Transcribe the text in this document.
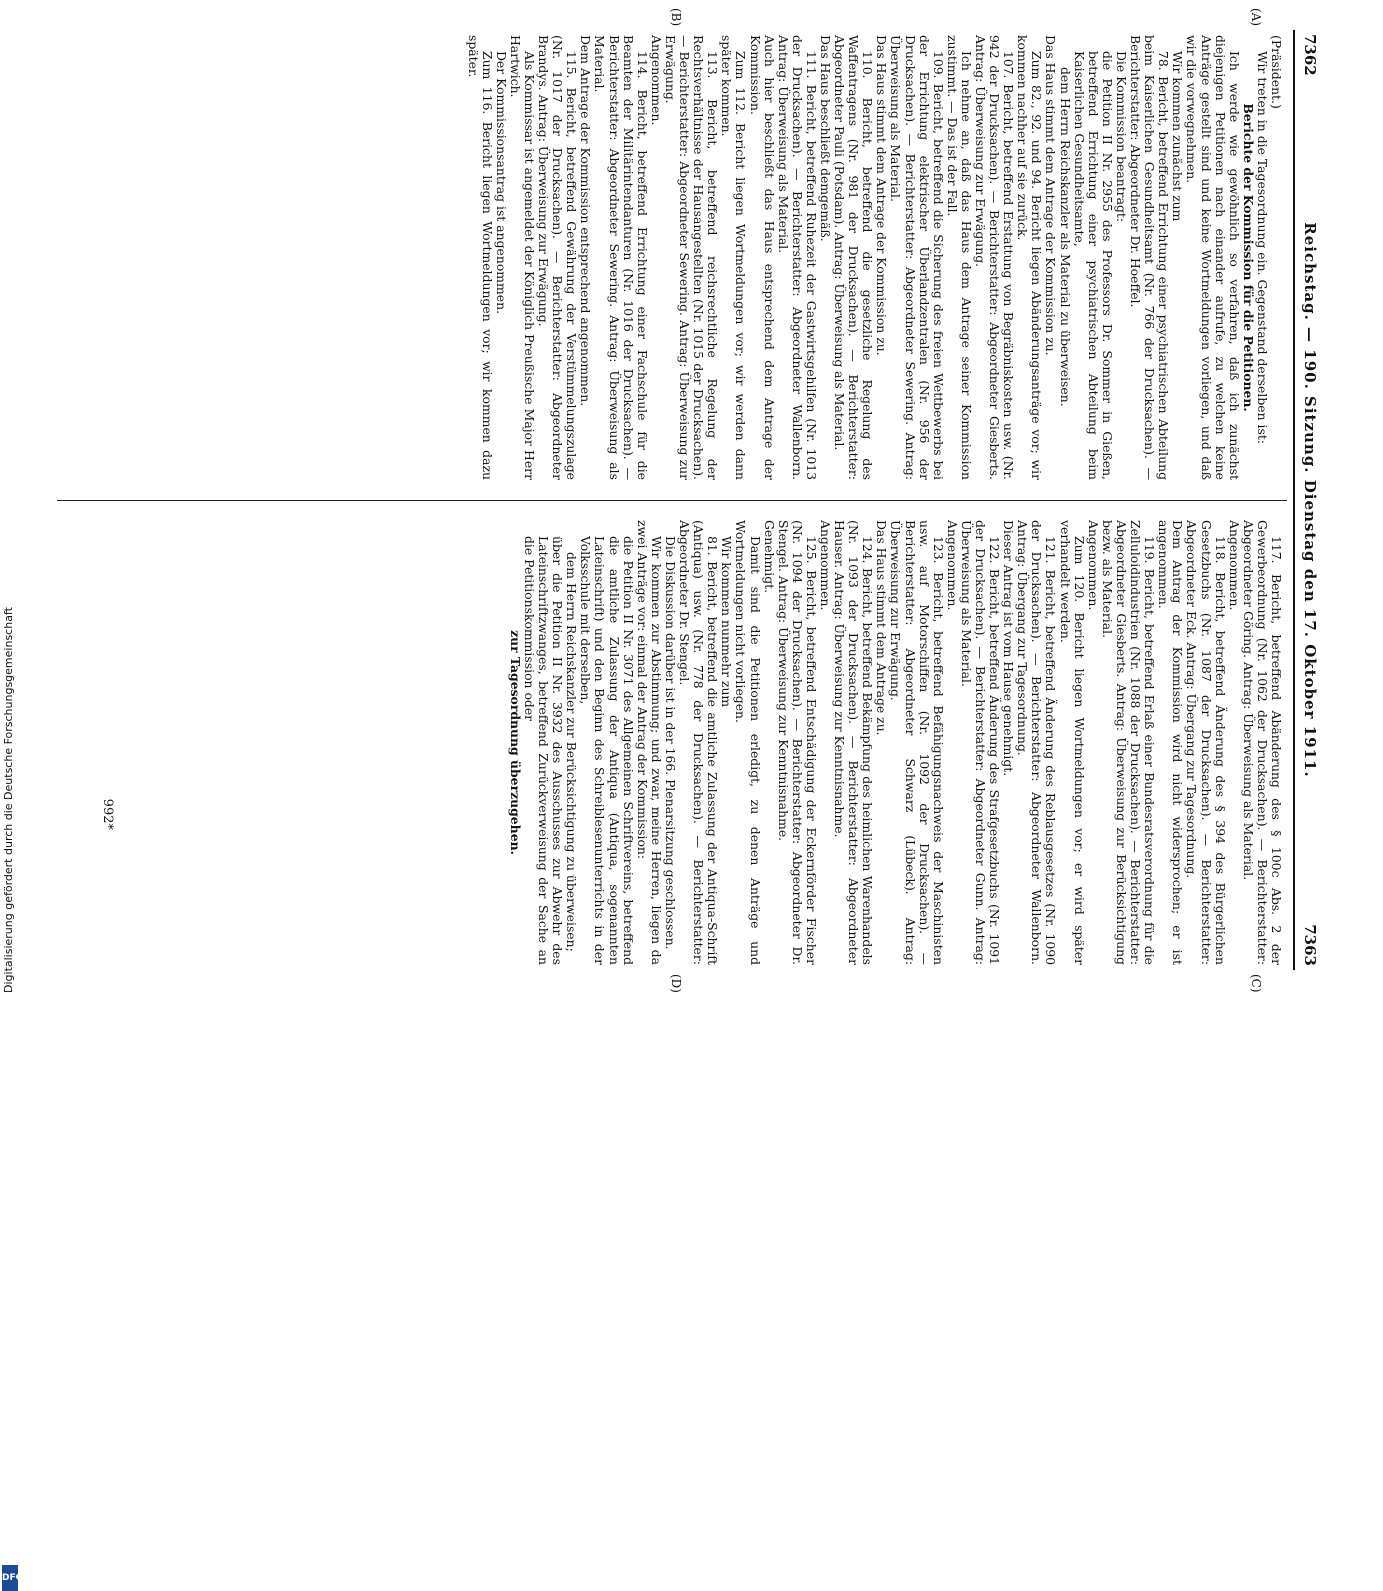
7362
Reichstag. — 190. Sitzung. Dienstag den 17. Oktober 1911.
7363
(A)
(B)
(C)
(D)

(Präsident.)

Wir treten in die Tagesordnung ein. Gegenstand derselben ist:

Berichte der Kommission für die Petitionen.

Ich werde wie gewöhnlich so verfahren, daß ich zunächst diejenigen Petitionen nach einander aufrufe, zu welchen keine Anträge gestellt sind und keine Wortmeldungen vorliegen, und daß wir die vorwegnehmen.

Wir kommen zunächst zum

78. Bericht, betreffend Errichtung einer psychiatrischen Abteilung beim Kaiserlichen Gesundheitsamt (Nr. 766 der Drucksachen). — Berichterstatter: Abgeordneter Dr. Hoeffel.

Die Kommission beantragt:

die Petition II Nr. 2955 des Professors Dr. Sommer in Gießen, betreffend Errichtung einer psychiatrischen Abteilung beim Kaiserlichen Gesundheitsamte,

dem Herrn Reichskanzler als Material zu überweisen.

Das Haus stimmt dem Antrage der Kommission zu.

Zum 82., 92. und 94. Bericht liegen Abänderungsanträge vor; wir kommen nachher auf sie zurück.

107. Bericht, betreffend Erstattung von Begräbniskosten usw. (Nr. 942 der Drucksachen). — Berichterstatter: Abgeordneter Giesberts. Antrag: Überweisung zur Erwägung.

Ich nehme an, daß das Haus dem Antrage seiner Kommission zustimmt. — Das ist der Fall.

109. Bericht, betreffend die Sicherung des freien Wettbewerbs bei der Errichtung elektrischer Überlandzentralen (Nr. 956 der Drucksachen). — Berichterstatter: Abgeordneter Sewering. Antrag: Überweisung als Material.

Das Haus stimmt dem Antrage der Kommission zu.

110. Bericht, betreffend die gesetzliche Regelung des Waffentragens (Nr. 981 der Drucksachen). — Berichterstatter: Abgeordneter Pauli (Potsdam). Antrag: Überweisung als Material.

Das Haus beschließt demgemäß.

111. Bericht, betreffend Ruhezeit der Gastwirtsgehilfen (Nr. 1013 der Drucksachen). — Berichterstatter: Abgeordneter Wallenborn. Antrag: Überweisung als Material.

Auch hier beschließt das Haus entsprechend dem Antrage der Kommission.

Zum 112. Bericht liegen Wortmeldungen vor; wir werden dann später kommen.

113. Bericht, betreffend reichsrechtliche Regelung der Rechtsverhältnisse der Hausangestellten (Nr. 1015 der Drucksachen). — Berichterstatter: Abgeordneter Sewering. Antrag: Überweisung zur Erwägung.

Angenommen.

114. Bericht, betreffend Errichtung einer Fachschule für die Beamten der Militärintendanturen (Nr. 1016 der Drucksachen). — Berichterstatter: Abgeordneter Sewering. Antrag: Überweisung als Material.

Dem Antrage der Kommission entsprechend angenommen.

115. Bericht, betreffend Gewährung der Verstümmelungszulage (Nr. 1017 der Drucksachen). — Berichterstatter: Abgeordneter Brandys. Antrag: Überweisung zur Erwägung.

Als Kommissar ist angemeldet der Königlich Preußische Major Herr Hartwich.

Der Kommissionsantrag ist angenommen.

Zum 116. Bericht liegen Wortmeldungen vor; wir kommen dazu später.

117. Bericht, betreffend Abänderung des § 100c Abs. 2 der Gewerbeordnung (Nr. 1062 der Drucksachen). — Berichterstatter: Abgeordneter Göring. Antrag: Überweisung als Material.

Angenommen.

118. Bericht, betreffend Änderung des § 394 des Bürgerlichen Gesetzbuchs (Nr. 1087 der Drucksachen). — Berichterstatter: Abgeordneter Eck. Antrag: Übergang zur Tagesordnung.

Dem Antrag der Kommission wird nicht widersprochen; er ist angenommen.

119. Bericht, betreffend Erlaß einer Bundesratsverordnung für die Zelluloidindustrien (Nr. 1088 der Drucksachen). — Berichterstatter: Abgeordneter Giesberts. Antrag: Überweisung zur Berücksichtigung bezw. als Material.

Angenommen.

Zum 120. Bericht liegen Wortmeldungen vor; er wird später verhandelt werden.

121. Bericht, betreffend Änderung des Reblausgesetzes (Nr. 1090 der Drucksachen). — Berichterstatter: Abgeordneter Wallenborn. Antrag: Übergang zur Tagesordnung.

Dieser Antrag ist vom Hause genehmigt.

122. Bericht, betreffend Änderung des Strafgesetzbuchs (Nr. 1091 der Drucksachen). — Berichterstatter: Abgeordneter Gunn. Antrag: Überweisung als Material.

Angenommen.

123. Bericht, betreffend Befähigungsnachweis der Maschinisten usw. auf Motorschiffen (Nr. 1092 der Drucksachen). — Berichterstatter: Abgeordneter Schwarz (Lübeck). Antrag: Überweisung zur Erwägung.

Das Haus stimmt dem Antrage zu.

124. Bericht, betreffend Bekämpfung des heimlichen Warenhandels (Nr. 1093 der Drucksachen). — Berichterstatter: Abgeordneter Hauser. Antrag: Überweisung zur Kenntnisnahme.

Angenommen.

125. Bericht, betreffend Entschädigung der Eckernförder Fischer (Nr. 1094 der Drucksachen). — Berichterstatter: Abgeordneter Dr. Stengel. Antrag: Überweisung zur Kenntnisnahme.

Genehmigt.

Damit sind die Petitionen erledigt, zu denen Anträge und Wortmeldungen nicht vorliegen.

Wir kommen nunmehr zum

81. Bericht, betreffend die amtliche Zulassung der Antiqua-Schrift (Antiqua) usw. (Nr. 778 der Drucksachen). — Berichterstatter: Abgeordneter Dr. Stengel.

Die Diskussion darüber ist in der 166. Plenarsitzung geschlossen.

Wir kommen zur Abstimmung; und zwar, meine Herren, liegen da zwei Anträge vor: einmal der Antrag der Kommission:

die Petition II Nr. 3071 des Allgemeinen Schriftvereins, betreffend die amtliche Zulassung der Antiqua (Antiqua, sogenannten Lateinschrift) und den Beginn des Schreiblesenunterrichts in der Volksschule mit derselben,

dem Herrn Reichskanzler zur Berücksichtigung zu überweisen;

über die Petition II Nr. 3932 des Ausschusses zur Abwehr des Lateinschriftzwanges, betreffend Zurückverweisung der Sache an die Petitionskommission oder

zur Tagesordnung überzugehen.

992*
Digitalisierung gefördert durch die Deutsche Forschungsgemeinschaft
DFG
